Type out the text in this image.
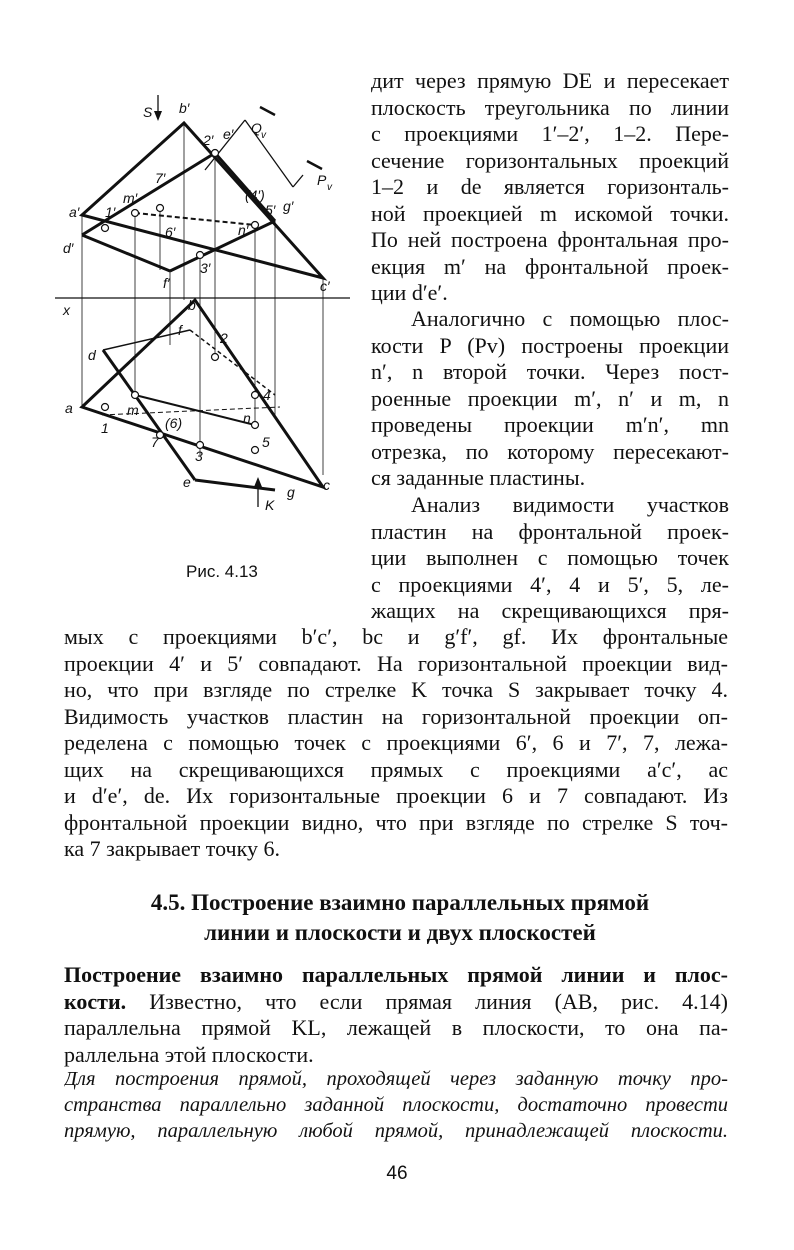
S b′
2′ e′ Q v
P v
7′
(4′)
a′ 1′
m′
5′ g′
n′
d′
6′
3′
f′	c′
x	b
f	2
d
4
a	m	n
1	(6)
7	5
3
e
g c
K
Рис. 4.13
дит через прямую DE и пересекает
плоскость треугольника по линии
с проекциями 1′–2′, 1–2. Пере-
сечение горизонтальных проекций
1–2 и de является горизонталь-
ной проекцией m искомой точки.
По ней построена фронтальная про-
екция m′ на фронтальной проек-
ции d′e′.
Аналогично с помощью плос-
кости P (Pv) построены проекции
n′, n второй точки. Через пост-
роенные проекции m′, n′ и m, n
проведены проекции m′n′, mn
отрезка, по которому пересекают-
ся заданные пластины.
Анализ видимости участков
пластин на фронтальной проек-
ции выполнен с помощью точек
с проекциями 4′, 4 и 5′, 5, ле-
жащих на скрещивающихся пря-
мых с проекциями b′c′, bc и g′f′, gf. Их фронтальные
проекции 4′ и 5′ совпадают. На горизонтальной проекции вид-
но, что при взгляде по стрелке K точка S закрывает точку 4.
Видимость участков пластин на горизонтальной проекции оп-
ределена с помощью точек с проекциями 6′, 6 и 7′, 7, лежа-
щих на скрещивающихся прямых с проекциями a′c′, ac
и d′e′, de. Их горизонтальные проекции 6 и 7 совпадают. Из
фронтальной проекции видно, что при взгляде по стрелке S точ-
ка 7 закрывает точку 6.
4.5. Построение взаимно параллельных прямой
линии и плоскости и двух плоскостей
Построение взаимно параллельных прямой линии и плос-
кости. Известно, что если прямая линия (AB, рис. 4.14)
параллельна прямой KL, лежащей в плоскости, то она па-
раллельна этой плоскости.
Для построения прямой, проходящей через заданную точку про-
странства параллельно заданной плоскости, достаточно провести
прямую, параллельную любой прямой, принадлежащей плоскости.
46
